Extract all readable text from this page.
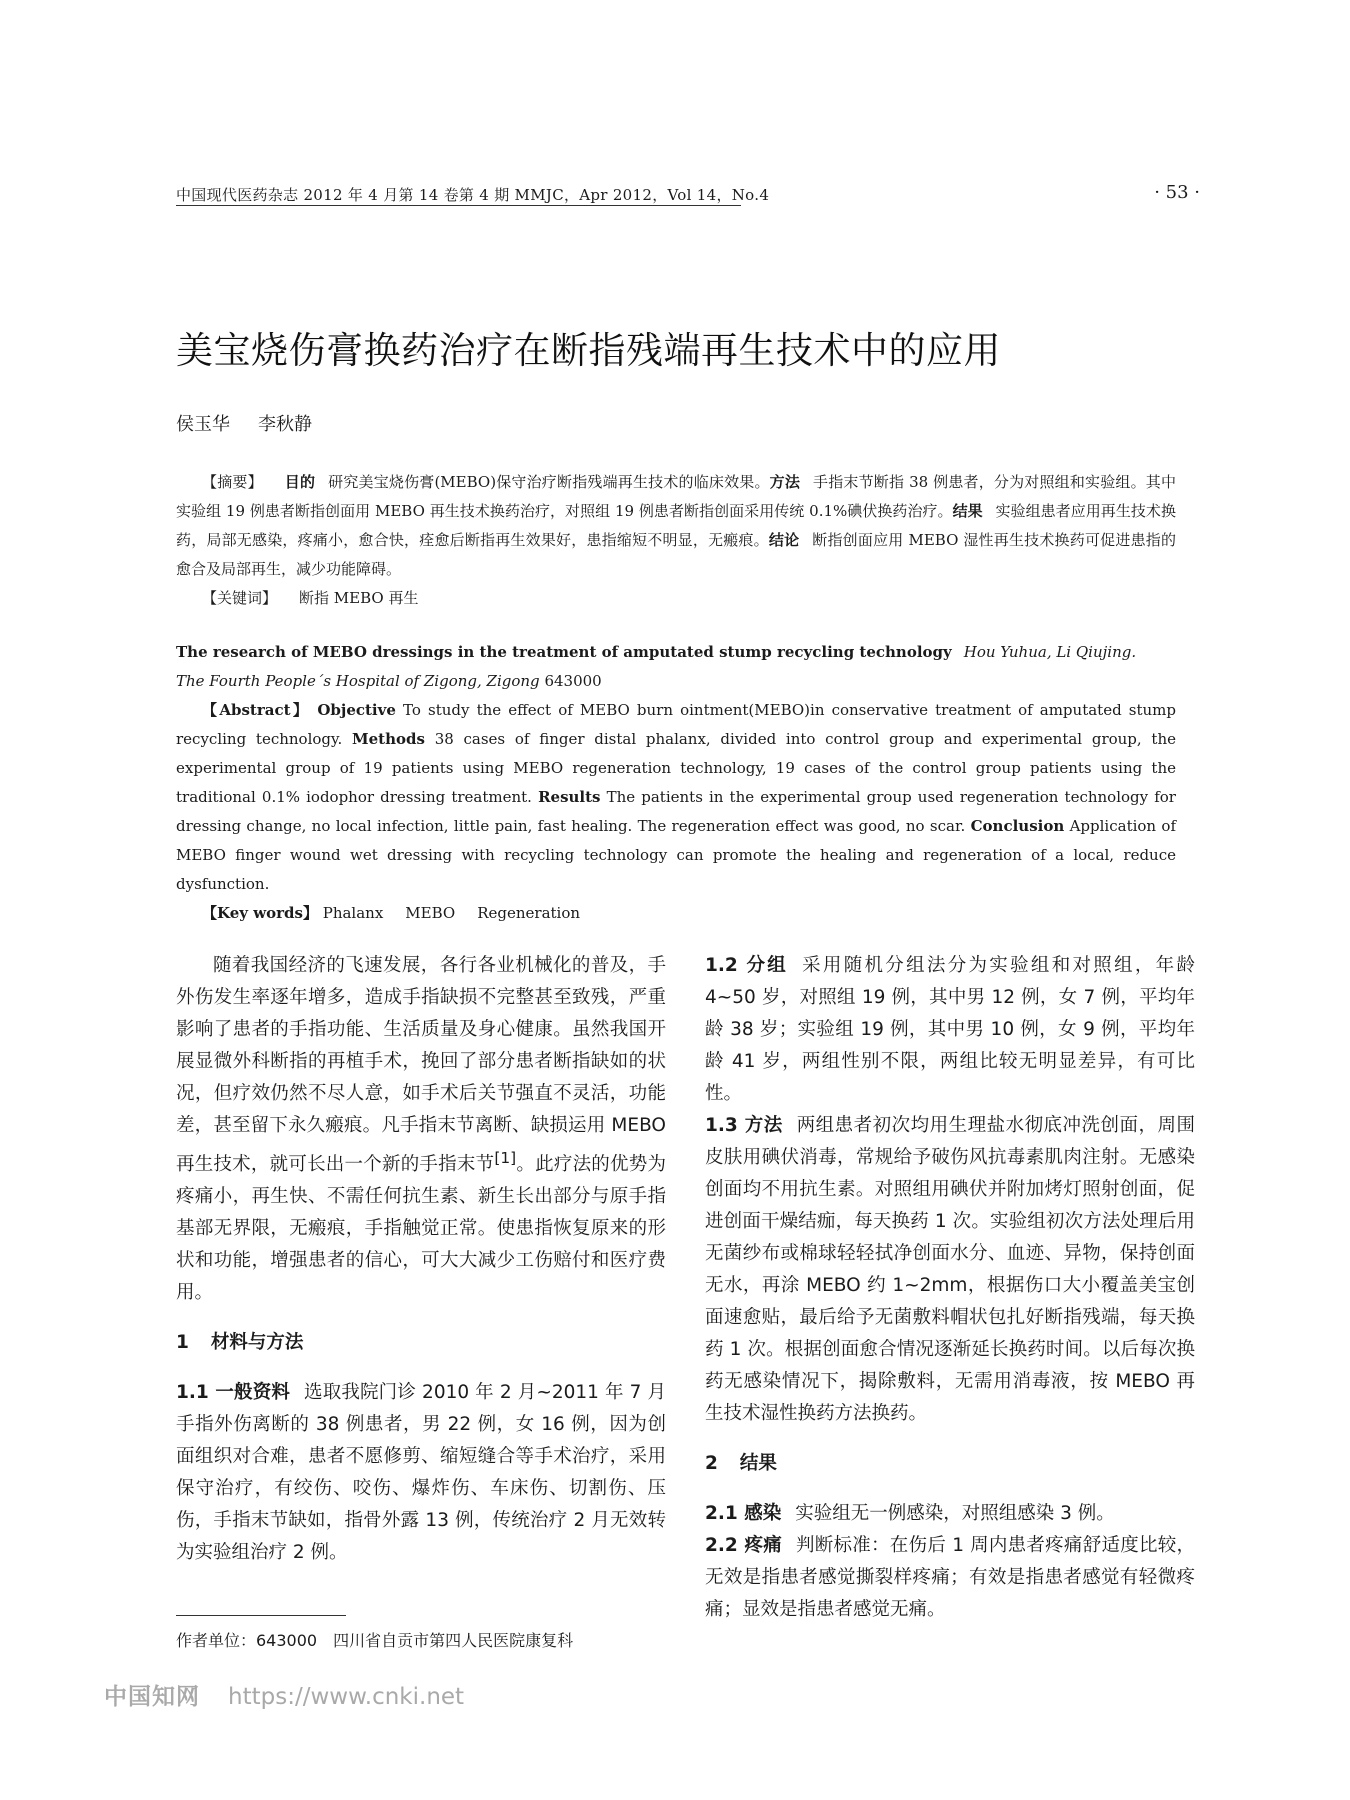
中国现代医药杂志 2012 年 4 月第 14 卷第 4 期 MMJC，Apr 2012，Vol 14，No.4	· 53 ·
美宝烧伤膏换药治疗在断指残端再生技术中的应用
侯玉华 李秋静

【摘要】 目的 研究美宝烧伤膏(MEBO)保守治疗断指残端再生技术的临床效果。方法 手指末节断指 38 例患者，分为对照组和实验组。其中实验组 19 例患者断指创面用 MEBO 再生技术换药治疗，对照组 19 例患者断指创面采用传统 0.1%碘伏换药治疗。结果 实验组患者应用再生技术换药，局部无感染，疼痛小，愈合快，痊愈后断指再生效果好，患指缩短不明显，无瘢痕。结论 断指创面应用 MEBO 湿性再生技术换药可促进患指的愈合及局部再生，减少功能障碍。

【关键词】 断指 MEBO 再生

The research of MEBO dressings in the treatment of amputated stump recycling technology Hou Yuhua, Li Qiujing.

The Fourth People´s Hospital of Zigong, Zigong 643000

【Abstract】 Objective To study the effect of MEBO burn ointment(MEBO)in conservative treatment of amputated stump recycling technology. Methods 38 cases of finger distal phalanx, divided into control group and experimental group, the experimental group of 19 patients using MEBO regeneration technology, 19 cases of the control group patients using the traditional 0.1% iodophor dressing treatment. Results The patients in the experimental group used regeneration technology for dressing change, no local infection, little pain, fast healing. The regeneration effect was good, no scar. Conclusion Application of MEBO finger wound wet dressing with recycling technology can promote the healing and regeneration of a local, reduce dysfunction.

【Key words】 Phalanx MEBO Regeneration

随着我国经济的飞速发展，各行各业机械化的普及，手外伤发生率逐年增多，造成手指缺损不完整甚至致残，严重影响了患者的手指功能、生活质量及身心健康。虽然我国开展显微外科断指的再植手术，挽回了部分患者断指缺如的状况，但疗效仍然不尽人意，如手术后关节强直不灵活，功能差，甚至留下永久瘢痕。凡手指末节离断、缺损运用 MEBO 再生技术，就可长出一个新的手指末节[1]。此疗法的优势为疼痛小，再生快、不需任何抗生素、新生长出部分与原手指基部无界限，无瘢痕，手指触觉正常。使患指恢复原来的形状和功能，增强患者的信心，可大大减少工伤赔付和医疗费用。

1 材料与方法

1.1 一般资料 选取我院门诊 2010 年 2 月~2011 年 7 月手指外伤离断的 38 例患者，男 22 例，女 16 例，因为创面组织对合难，患者不愿修剪、缩短缝合等手术治疗，采用保守治疗，有绞伤、咬伤、爆炸伤、车床伤、切割伤、压伤，手指末节缺如，指骨外露 13 例，传统治疗 2 月无效转为实验组治疗 2 例。

1.2 分组 采用随机分组法分为实验组和对照组，年龄 4~50 岁，对照组 19 例，其中男 12 例，女 7 例，平均年龄 38 岁；实验组 19 例，其中男 10 例，女 9 例，平均年龄 41 岁，两组性别不限，两组比较无明显差异，有可比性。

1.3 方法 两组患者初次均用生理盐水彻底冲洗创面，周围皮肤用碘伏消毒，常规给予破伤风抗毒素肌肉注射。无感染创面均不用抗生素。对照组用碘伏并附加烤灯照射创面，促进创面干燥结痂，每天换药 1 次。实验组初次方法处理后用无菌纱布或棉球轻轻拭净创面水分、血迹、异物，保持创面无水，再涂 MEBO 约 1~2mm，根据伤口大小覆盖美宝创面速愈贴，最后给予无菌敷料帽状包扎好断指残端，每天换药 1 次。根据创面愈合情况逐渐延长换药时间。以后每次换药无感染情况下，揭除敷料，无需用消毒液，按 MEBO 再生技术湿性换药方法换药。

2 结果

2.1 感染 实验组无一例感染，对照组感染 3 例。

2.2 疼痛 判断标准：在伤后 1 周内患者疼痛舒适度比较，无效是指患者感觉撕裂样疼痛；有效是指患者感觉有轻微疼痛；显效是指患者感觉无痛。

作者单位：643000　四川省自贡市第四人民医院康复科
中国知网 https://www.cnki.net
